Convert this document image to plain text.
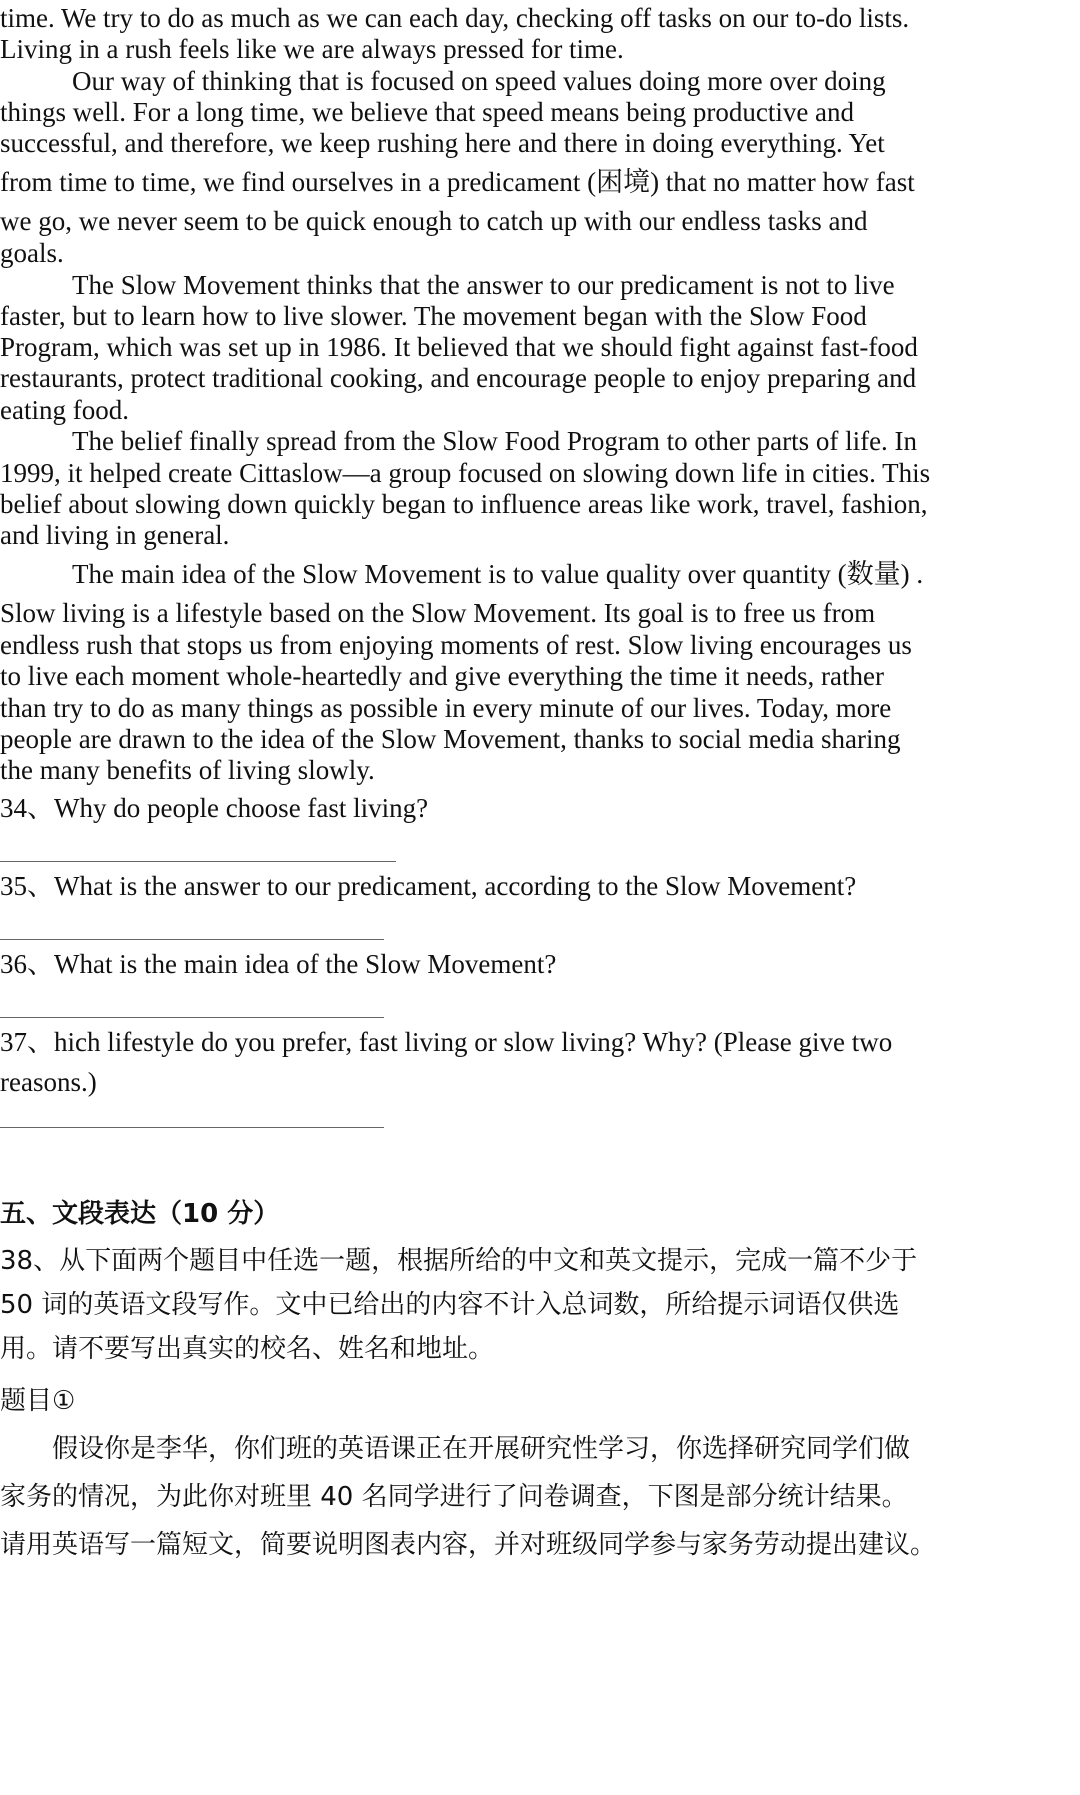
time. We try to do as much as we can each day, checking off tasks on our to-do lists.
Living in a rush feels like we are always pressed for time.
Our way of thinking that is focused on speed values doing more over doing
things well. For a long time, we believe that speed means being productive and
successful, and therefore, we keep rushing here and there in doing everything. Yet
from time to time, we find ourselves in a predicament (困境) that no matter how fast
we go, we never seem to be quick enough to catch up with our endless tasks and
goals.
The Slow Movement thinks that the answer to our predicament is not to live
faster, but to learn how to live slower. The movement began with the Slow Food
Program, which was set up in 1986. It believed that we should fight against fast-food
restaurants, protect traditional cooking, and encourage people to enjoy preparing and
eating food.
The belief finally spread from the Slow Food Program to other parts of life. In
1999, it helped create Cittaslow—a group focused on slowing down life in cities. This
belief about slowing down quickly began to influence areas like work, travel, fashion,
and living in general.
The main idea of the Slow Movement is to value quality over quantity (数量) .
Slow living is a lifestyle based on the Slow Movement. Its goal is to free us from
endless rush that stops us from enjoying moments of rest. Slow living encourages us
to live each moment whole-heartedly and give everything the time it needs, rather
than try to do as many things as possible in every minute of our lives. Today, more
people are drawn to the idea of the Slow Movement, thanks to social media sharing
the many benefits of living slowly.
34、Why do people choose fast living?
35、What is the answer to our predicament, according to the Slow Movement?
36、What is the main idea of the Slow Movement?
37、hich lifestyle do you prefer, fast living or slow living? Why? (Please give two
reasons.)
五、文段表达（10 分）
38、从下面两个题目中任选一题，根据所给的中文和英文提示，完成一篇不少于
50 词的英语文段写作。文中已给出的内容不计入总词数，所给提示词语仅供选
用。请不要写出真实的校名、姓名和地址。
题目①
假设你是李华，你们班的英语课正在开展研究性学习，你选择研究同学们做
家务的情况，为此你对班里 40 名同学进行了问卷调查，下图是部分统计结果。
请用英语写一篇短文，简要说明图表内容，并对班级同学参与家务劳动提出建议。
